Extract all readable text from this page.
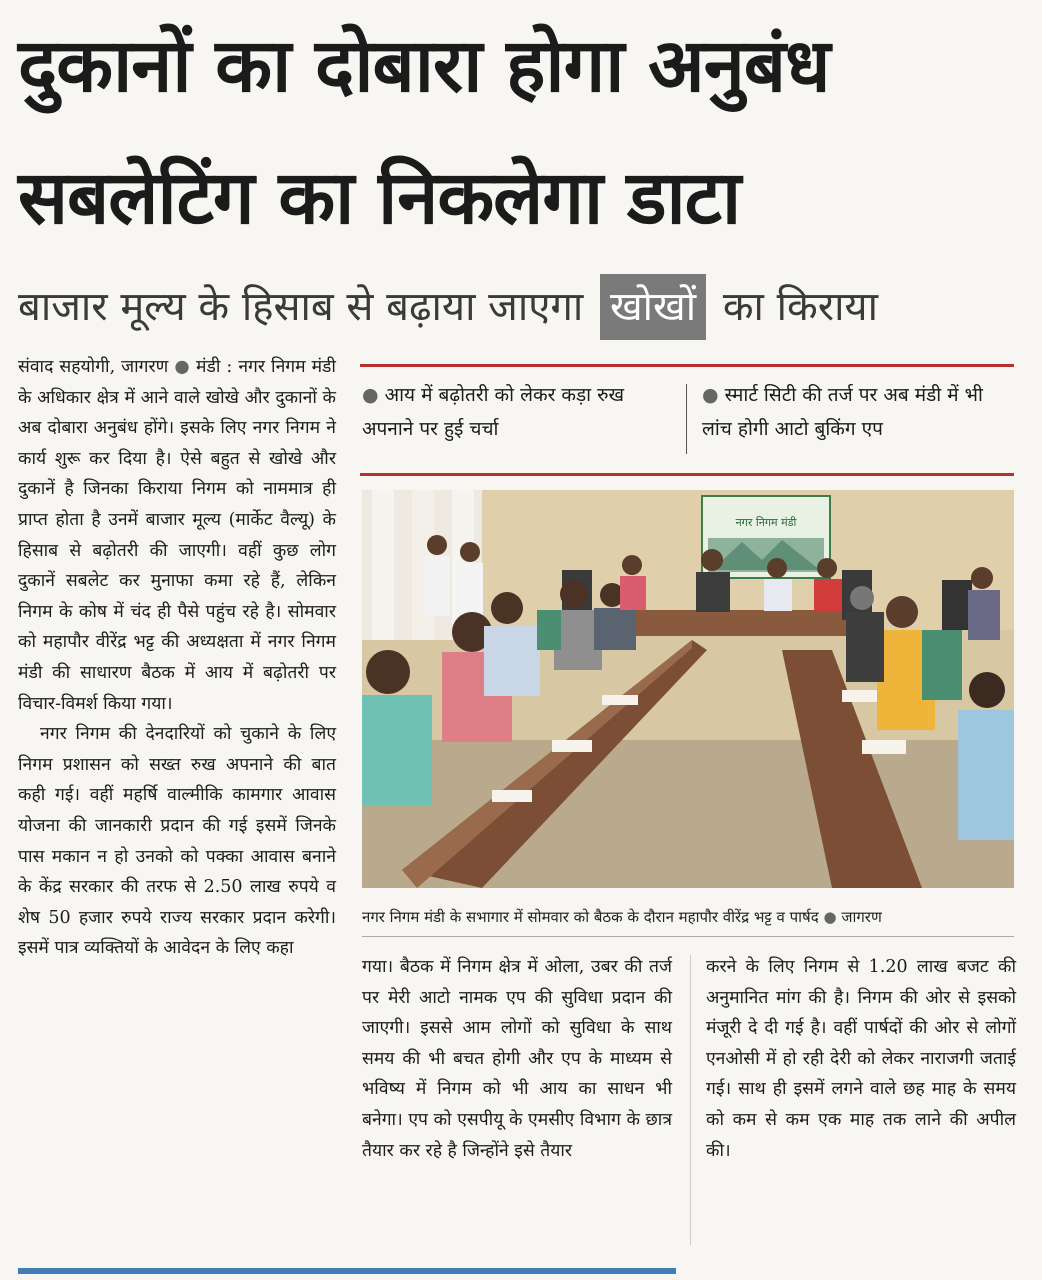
दुकानों का दोबारा होगा अनुबंध
सबलेटिंग का निकलेगा डाटा
बाजार मूल्य के हिसाब से बढ़ाया जाएगा खोखों का किराया

संवाद सहयोगी, जागरण ● मंडी : नगर निगम मंडी के अधिकार क्षेत्र में आने वाले खोखे और दुकानों के अब दोबारा अनुबंध होंगे। इसके लिए नगर निगम ने कार्य शुरू कर दिया है। ऐसे बहुत से खोखे और दुकानें है जिनका किराया निगम को नाममात्र ही प्राप्त होता है उनमें बाजार मूल्य (मार्केट वैल्यू) के हिसाब से बढ़ोतरी की जाएगी। वहीं कुछ लोग दुकानें सबलेट कर मुनाफा कमा रहे हैं, लेकिन निगम के कोष में चंद ही पैसे पहुंच रहे है। सोमवार को महापौर वीरेंद्र भट्ट की अध्यक्षता में नगर निगम मंडी की साधारण बैठक में आय में बढ़ोतरी पर विचार-विमर्श किया गया।

नगर निगम की देनदारियों को चुकाने के लिए निगम प्रशासन को सख्त रुख अपनाने की बात कही गई। वहीं महर्षि वाल्मीकि कामगार आवास योजना की जानकारी प्रदान की गई इसमें जिनके पास मकान न हो उनको को पक्का आवास बनाने के केंद्र सरकार की तरफ से 2.50 लाख रुपये व शेष 50 हजार रुपये राज्य सरकार प्रदान करेगी। इसमें पात्र व्यक्तियों के आवेदन के लिए कहा

● आय में बढ़ोतरी को लेकर कड़ा रुख अपनाने पर हुई चर्चा
● स्मार्ट सिटी की तर्ज पर अब मंडी में भी लांच होगी आटो बुकिंग एप
नगर निगम मंडी
नगर निगम मंडी के सभागार में सोमवार को बैठक के दौरान महापौर वीरेंद्र भट्ट व पार्षद ● जागरण
गया। बैठक में निगम क्षेत्र में ओला, उबर की तर्ज पर मेरी आटो नामक एप की सुविधा प्रदान की जाएगी। इससे आम लोगों को सुविधा के साथ समय की भी बचत होगी और एप के माध्यम से भविष्य में निगम को भी आय का साधन भी बनेगा। एप को एसपीयू के एमसीए विभाग के छात्र तैयार कर रहे है जिन्होंने इसे तैयार
करने के लिए निगम से 1.20 लाख बजट की अनुमानित मांग की है। निगम की ओर से इसको मंजूरी दे दी गई है। वहीं पार्षदों की ओर से लोगों एनओसी में हो रही देरी को लेकर नाराजगी जताई गई। साथ ही इसमें लगने वाले छह माह के समय को कम से कम एक माह तक लाने की अपील की।
